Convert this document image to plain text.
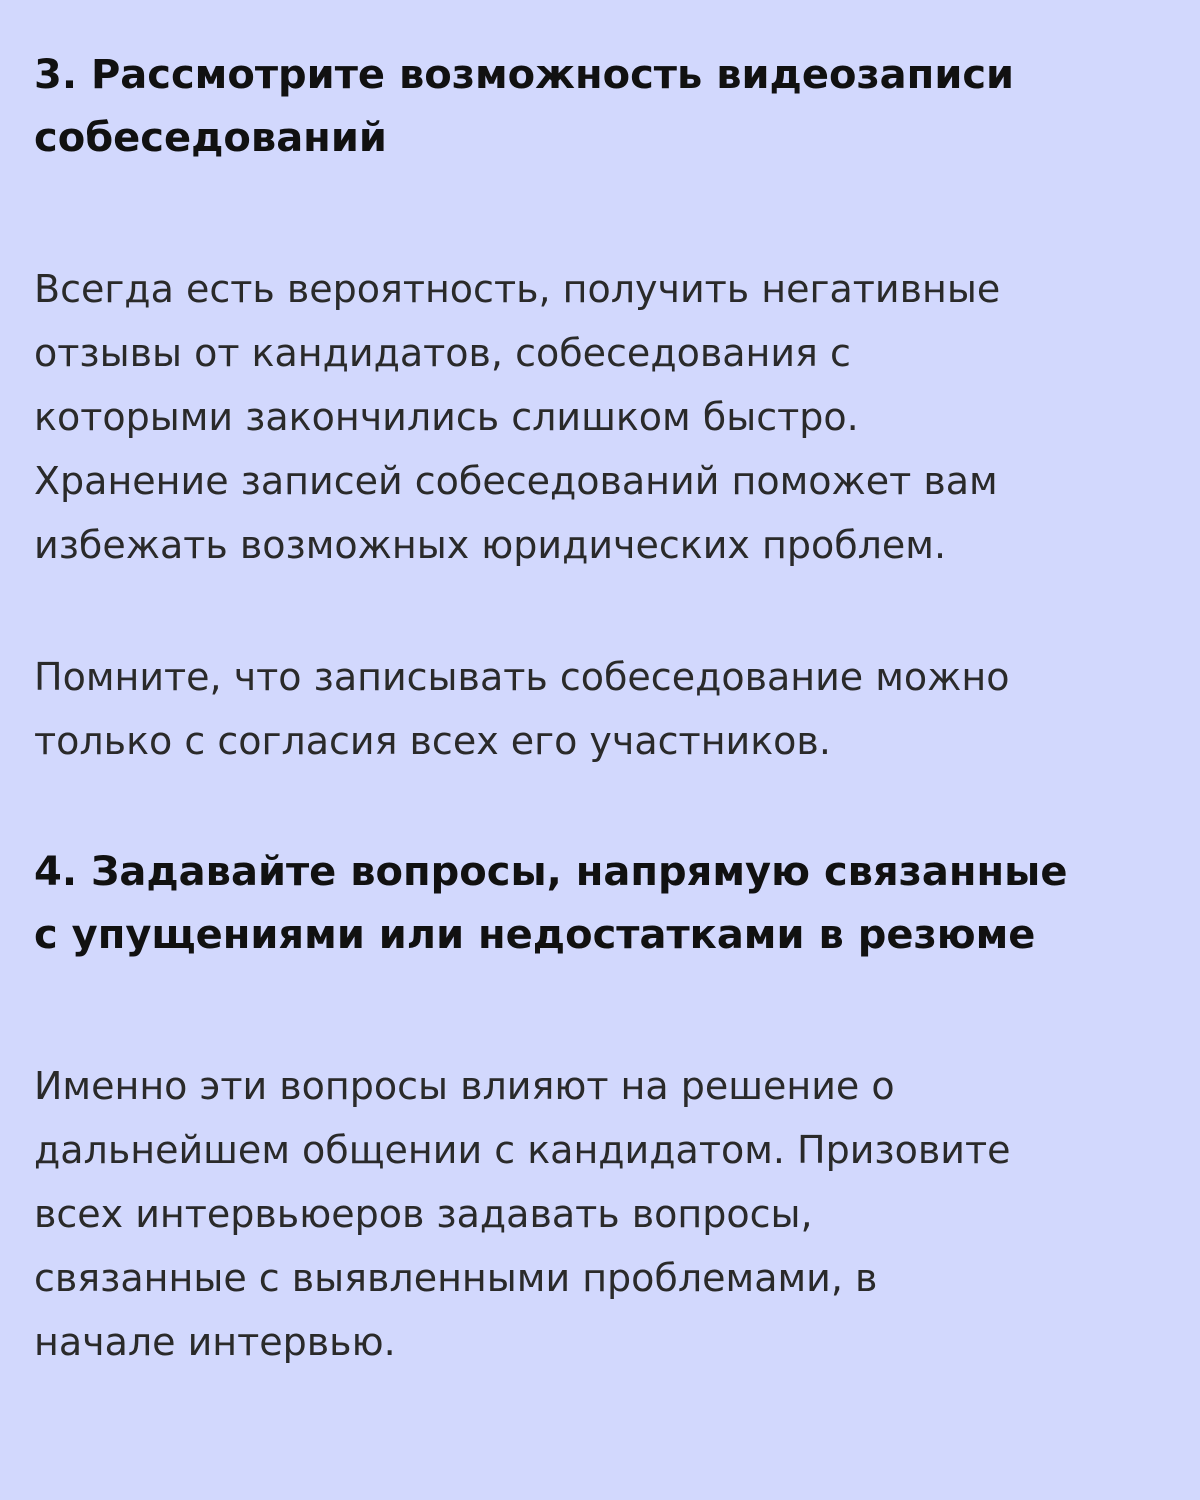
3. Рассмотрите возможность видеозаписи
собеседований

Всегда есть вероятность, получить негативные
отзывы от кандидатов, собеседования с
которыми закончились слишком быстро.
Хранение записей собеседований поможет вам
избежать возможных юридических проблем.

Помните, что записывать собеседование можно
только с согласия всех его участников.

4. Задавайте вопросы, напрямую связанные
с упущениями или недостатками в резюме

Именно эти вопросы влияют на решение о
дальнейшем общении с кандидатом. Призовите
всех интервьюеров задавать вопросы,
связанные с выявленными проблемами, в
начале интервью.
